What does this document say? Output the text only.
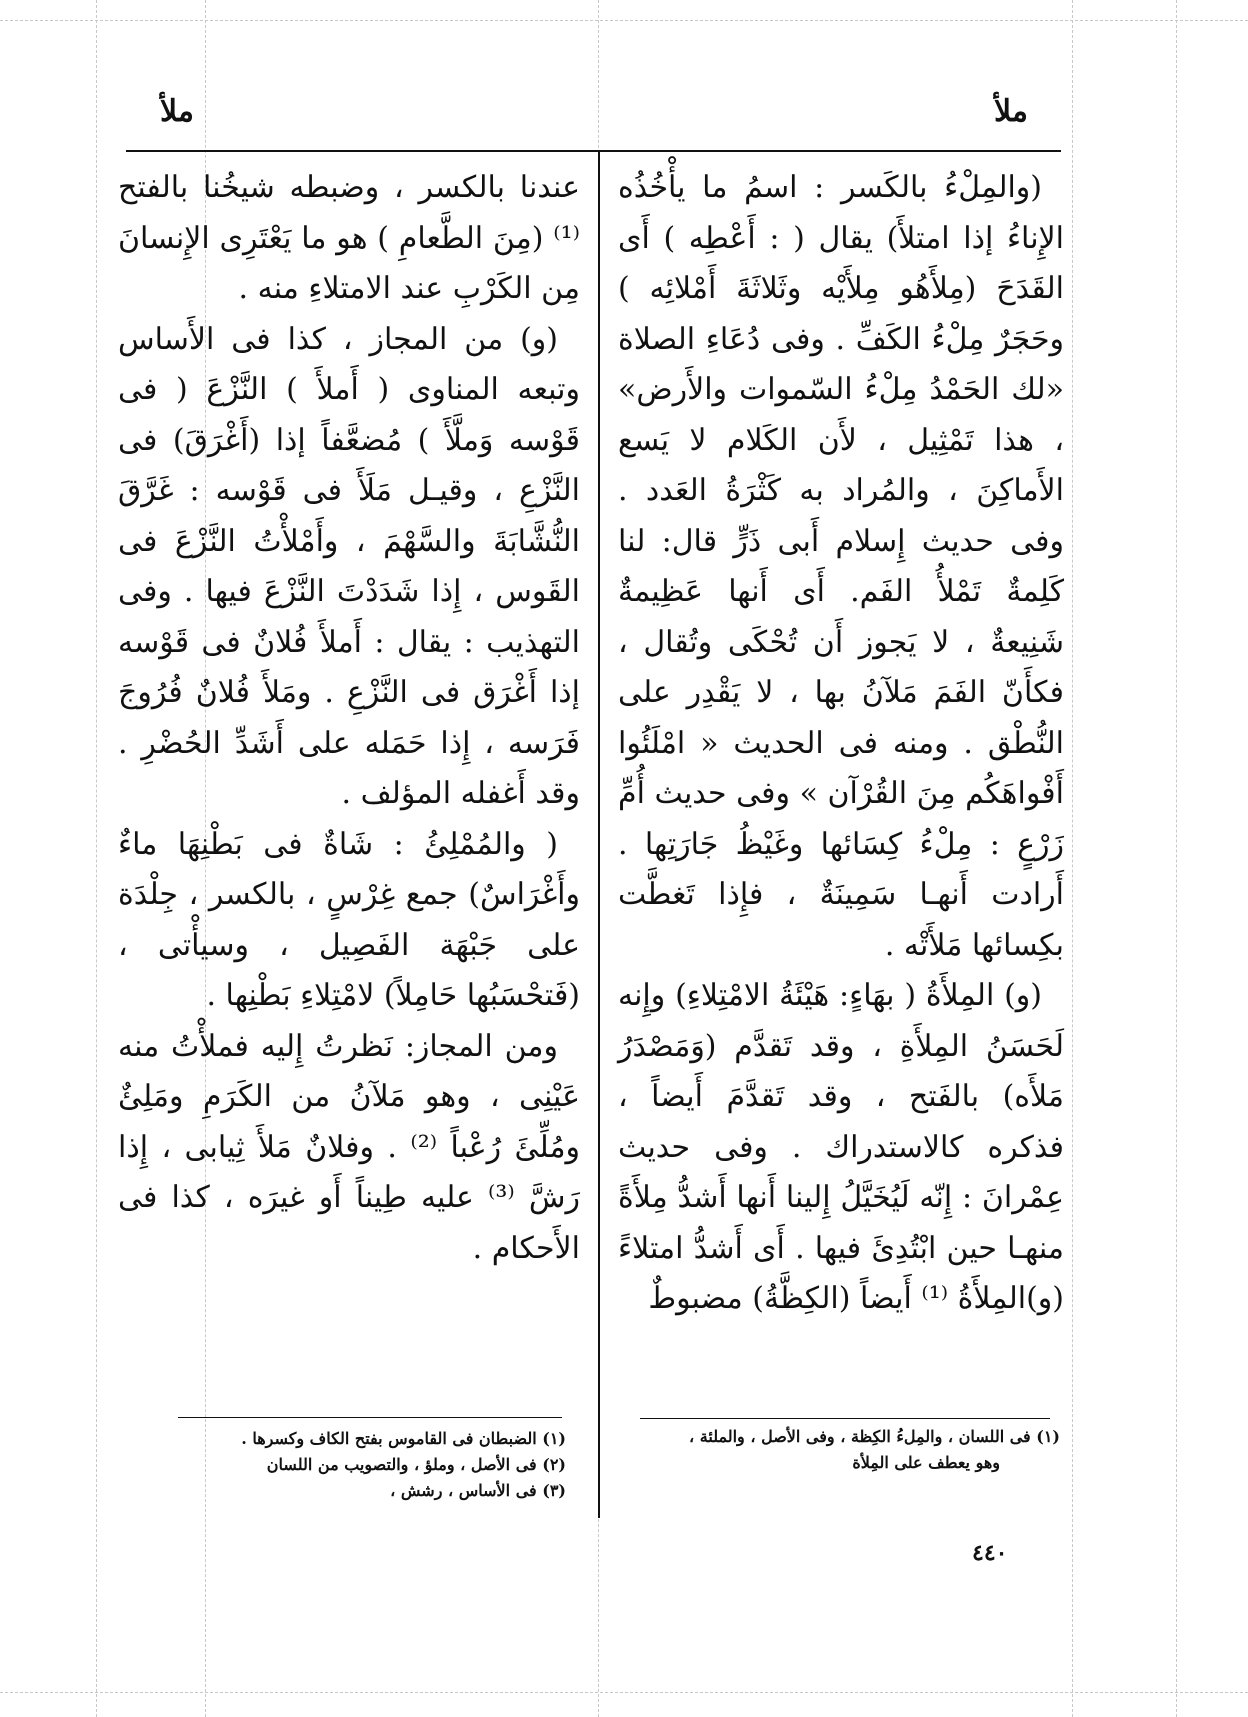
ملأ
ملأ

(والمِلْءُ بالكَسر : اسمُ ما يأْخُذُه الإِناءُ إذا امتلأَ) يقال ( : أَعْطِه ) أَى القَدَحَ (مِلأَهُو مِلأَيْه وثَلاثَةَ أَمْلائِه ) وحَجَرٌ مِلْءُ الكَفِّ . وفى دُعَاءِ الصلاة «لك الحَمْدُ مِلْءُ السّموات والأَرض» ، هذا تَمْثِيل ، لأَن الكَلام لا يَسع الأَماكِنَ ، والمُراد به كَثْرَةُ العَدد . وفى حديث إِسلام أَبى ذَرٍّ قال: لنا كَلِمةٌ تَمْلأُ الفَم. أَى أَنها عَظِيمةٌ شَنِيعةٌ ، لا يَجوز أَن تُحْكَى وتُقال ، فكأَنّ الفَمَ مَلآنُ بها ، لا يَقْدِر على النُّطْق . ومنه فى الحديث « امْلَئُوا أَفْواهَكُم مِنَ القُرْآن » وفى حديث أُمِّ زَرْعٍ : مِلْءُ كِسَائها وغَيْظُ جَارَتِها . أَرادت أَنهـا سَمِينَةٌ ، فإِذا تَغطَّت بكِسائها مَلأَتْه .

(و) المِلأَةُ ( بهَاءٍ: هَيْئَةُ الامْتِلاءِ) وإِنه لَحَسَنُ المِلأَةِ ، وقد تَقدَّم (وَمَصْدَرُ مَلأَه) بالفَتح ، وقد تَقدَّمَ أَيضاً ، فذكره كالاستدراك . وفى حديث عِمْرانَ : إِنّه لَيُخَيَّلُ إِلينا أَنها أَشدُّ مِلأَةً منهـا حين ابْتُدِئَ فيها . أَى أَشدُّ امتلاءً (و)المِلأَةُ ⁽¹⁾ أَيضاً (الكِظَّةُ) مضبوطٌ

عندنا بالكسر ، وضبطه شيخُنا بالفتح ⁽¹⁾ (مِنَ الطَّعامِ ) هو ما يَعْتَرِى الإِنسانَ مِن الكَرْبِ عند الامتلاءِ منه .

(و) من المجاز ، كذا فى الأَساس وتبعه المناوى ( أَملأَ ) النَّزْعَ ( فى قَوْسه وَملَّأَ ) مُضعَّفاً إذا (أَغْرَقَ) فى النَّزْعِ ، وقيـل مَلَأَ فى قَوْسه : غَرَّقَ النُّشَّابَةَ والسَّهْمَ ، وأَمْلأْتُ النَّزْعَ فى القَوس ، إِذا شَدَدْتَ النَّزْعَ فيها . وفى التهذيب : يقال : أَملأَ فُلانٌ فى قَوْسه إذا أَغْرَق فى النَّزْعِ . ومَلأَ فُلانٌ فُرُوجَ فَرَسه ، إِذا حَمَله على أَشَدِّ الحُضْرِ . وقد أَغفله المؤلف .

( والمُمْلِئُ : شَاةٌ فى بَطْنِهَا ماءٌ وأَغْرَاسٌ) جمع غِرْسٍ ، بالكسر ، جِلْدَة على جَبْهَة الفَصِيل ، وسيأْتى ، (فَتحْسَبُها حَامِلاً) لامْتِلاءِ بَطْنِها .

ومن المجاز: نَظرتُ إِليه فملأْتُ منه عَيْنِى ، وهو مَلآنُ من الكَرَمِ ومَلِئٌ ومُلِّئَ رُعْباً ⁽²⁾ . وفلانٌ مَلأَ ثِيابى ، إِذا رَشَّ ⁽³⁾ عليه طِيناً أَو غيرَه ، كذا فى الأَحكام .

(١) فى اللسان ، والمِلءُ الكِظة ، وفى الأصل ، والملئة ،
وهو يعطف على المِلأة
(١) الضبطان فى القاموس بفتح الكاف وكسرها .
(٢) فى الأصل ، وملؤ ، والتصويب من اللسان
(٣) فى الأساس ، رشش ،
٤٤٠
